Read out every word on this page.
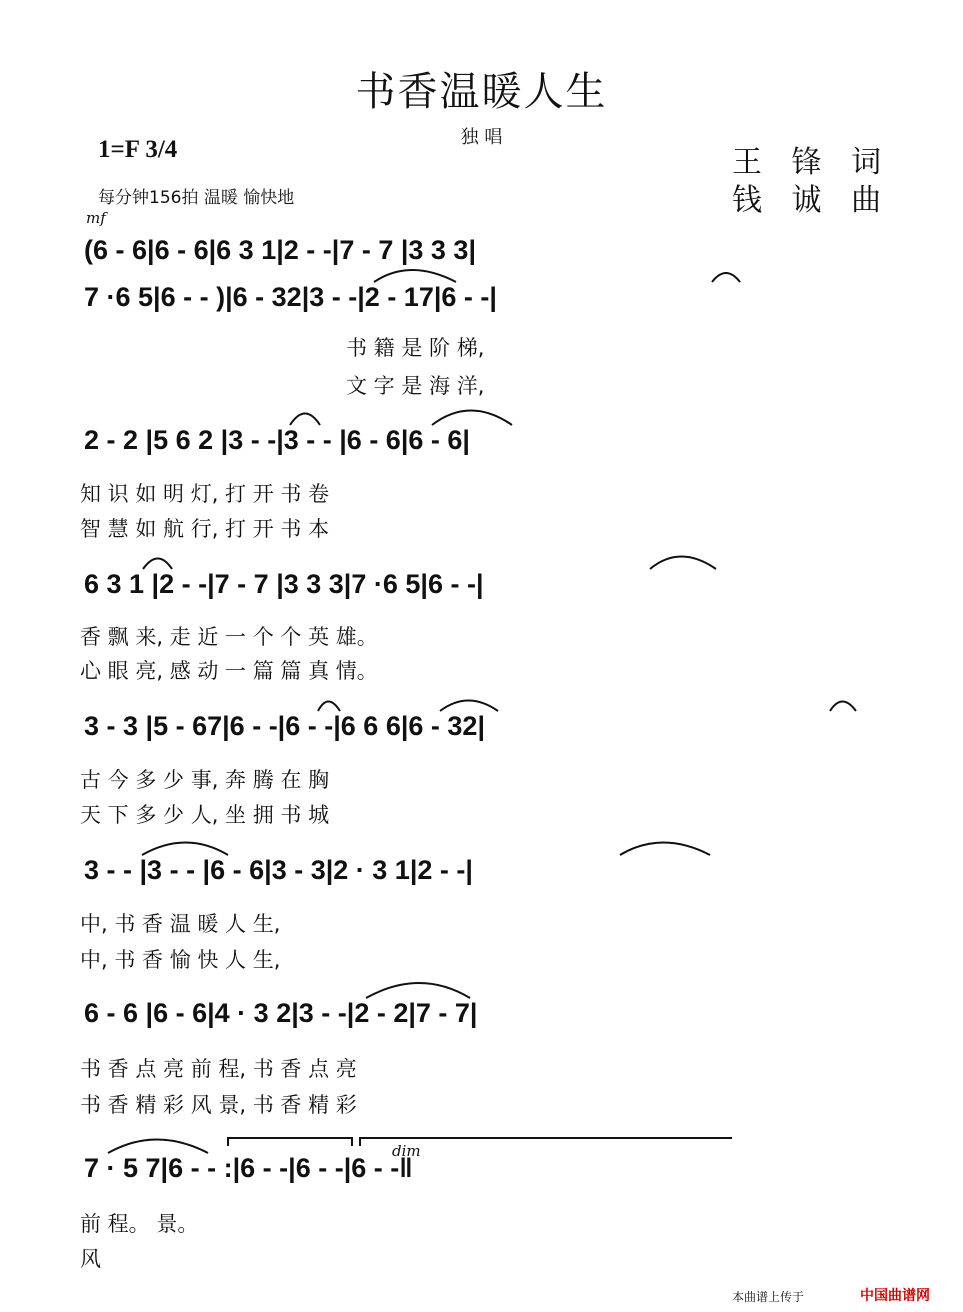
书香温暖人生
独 唱
1=F 3/4
每分钟156拍 温暖 愉快地
王 锋 词
钱 诚 曲
mf
dim
(6 - 6|6 - 6|6 3 1|2 - -|7 - 7 |3 3 3|
7 ·6 5|6 - - )|6 - 32|3 - -|2 - 17|6 - -|
书 籍 是 阶 梯,
文 字 是 海 洋,
2 - 2 |5 6 2 |3 - -|3 - - |6 - 6|6 - 6|
知 识 如 明 灯, 打 开 书 卷
智 慧 如 航 行, 打 开 书 本
6 3 1 |2 - -|7 - 7 |3 3 3|7 ·6 5|6 - -|
香 飘 来, 走 近 一 个 个 英 雄。
心 眼 亮, 感 动 一 篇 篇 真 情。
3 - 3 |5 - 67|6 - -|6 - -|6 6 6|6 - 32|
古 今 多 少 事, 奔 腾 在 胸
天 下 多 少 人, 坐 拥 书 城
3 - - |3 - - |6 - 6|3 - 3|2 · 3 1|2 - -|
中, 书 香 温 暖 人 生,
中, 书 香 愉 快 人 生,
6 - 6 |6 - 6|4 · 3 2|3 - -|2 - 2|7 - 7|
书 香 点 亮 前 程, 书 香 点 亮
书 香 精 彩 风 景, 书 香 精 彩
7 · 5 7|6 - - :|6 - -|6 - -|6 - -‖
前 程。 景。
风
本曲谱上传于	中国曲谱网
